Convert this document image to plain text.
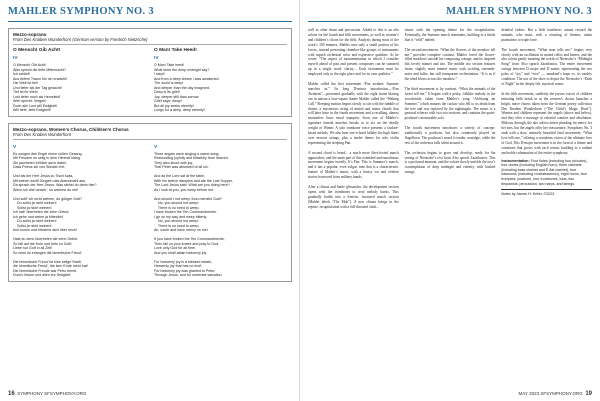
MAHLER SYMPHONY NO. 3
Mezzo-soprano
From Des Knaben Wunderhorn (German version by Friedrich Nietzsche)
O Mensch! Gib Acht!
IV
O Mensch! Gib Acht!
Was spricht die tiefe Mitternacht?
Ich schlief!
Aus tiefem Traum bin ich erwacht!
Die Welt ist tief!
Und tiefer als der Tag gedacht!
Tief ist ihr Weh!
Lust tiefer noch als Herzeleid!
Weh spricht: Vergeh!
Doch alle Lust will Ewigkeit!
Will tiefe, tiefe Ewigkeit!
O Man! Take Heed!
IV
O Man! Take heed!
What does the deep midnight say?
I slept!
And from a deep dream I was awakened.
The world is deep!
And deeper than the day imagined.
Deep is its grief!
Joy, deeper still than sorrow.
Grief says: Away!
But all joy seeks eternity!
Longs for a deep, deep eternity!
Mezzo-soprano, Women’s Chorus, Children’s Chorus
From Des Knaben Wunderhorn
V
Es sungen drei Engel einen süßen Gesang;
Mit Freuden es selig in dem Himmel klang.
Sie jauchzten fröhlich auch dabei,
Dass Petrus sei von Sünden frei.

Und als der Herr Jesus zu Tisch sass,
Mit seinen zwölf Jüngern das Abendmahl ass,
Da sprach der Herr Jesus: Was stehst du denn hier?
Wenn ich dich anseh’, so weinest du mir!

Und sollt’ ich nicht weinen, du gütiger Gott?
Du sollst ja nicht weinen!
Sollst ja nicht weinen!
Ich hab’ übertreten die zehn Gebot;
Ich gehe und weine ja bitterlich!
Du sollst ja nicht weinen!
Sollst ja nicht weinen!
Ach komm und erbarme dich über mich!

Hast du denn übertreten die zehn Gebot,
So fall auf die Knie und bete zu Gott!
Liebe nur Gott in all Zeit!
So wirst du erlangen die himmlische Freud’.

Die himmlische Freud’ ist eine selige Stadt,
die himmlische Freud’, die kein Ende mehr hat!
Die himmlische Freude war Petro bereit,
Durch Jesum und allen zur Seligkeit.
V
Three angels were singing a sweet song;
Resounding joyfully and blissfully from heaven.
They also shout with joy,
That Peter was absolved of all sin.

And as the Lord sat at the table,
With his twelve disciples and ate the Last Supper,
The Lord Jesus said: What are you doing here?
As I look at you, you weep before me.

And should I not weep, thou merciful God?
No, you should not weep!
There is no need to weep.
I have broken the Ten Commandments.
I go on my way and weep bitterly.
No, you should not weep!
There is no need to weep.
Ah, come and have mercy on me!

If you have broken the Ten Commandments,
Then fall on your knees and pray to God.
Love only God for all time,
And you shall attain heavenly joy.

For heavenly joy is a blessed estate,
Heavenly joy that has no end!
For heavenly joy was granted to Peter,
Through Jesus, and for universal salvation.
16 SYMPHONY SFSYMPHONY.ORG
MAHLER SYMPHONY NO. 3
well as other drum and percussion. Added to this is an alto soloist for the fourth and fifth movements, as well as women’s and children’s choirs for the fifth. Analysis during most of the work’s 100 minutes, Mahler uses only a small portion of his forces, instead presenting chamber-like groups of instruments with superb orchestral color and expressive qualities. As he wrote: “The aspect of instrumentation in which I consider myself ahead of past and present composers can be summed up in a single word: clarity.... Each instrument must be employed only in the right place and for its own qualities.”

Mahler called the first movement “Pan awakes: Summer marches in.” Its long D-minor introduction—“Pan Awakens”—presented gradually with the eight horns blaring out in unison a four-square theme Mahler called the “Waking Call.” Sleeping motion begins slowly to stir with the rumble of drums, a mysterious string of muted and minor chords that will later have in the fourth movement and a recalling, almost motionless brass naval trumpets. Soon one of Mahler’s signature funeral marches breaks in to act on the deadly weight of Winter. A solo trombone voice presents a fanfare-based melody. We also hear one echoed lullaby-fin-high flutes over morose strings, plus a tender theme for solo violin representing the sleeping Pan.

A second chord is heard... a much more fleet-footed march approaches; and the main part of this extended and tumultuous movement begins sweetly. It’s Pan. This is Summer’s march, and it has a popular, even vulgar, tone that is a characteristic feature of Mahler’s music, with a brassy wit and evident stories borrowed from military bands.

After a climax and battle glissandos, the development section opens with the trombones to rival melody bursts. This gradually builds into a frenetic, fractured march section (Mahler labels “The Mob”). A new climax brings in the reprise, recapitulation with a full-throated clash...
return with the opening theme for the recapitulation. Eventually, the Summer march dominates, building to a finish that is “wild” indeed.

The second movement, “What the flowers of the meadow tell me,” provides complete contrast. Mahler loved the flower-filled meadows outside his composing cottage, and its inspired this lovely minuet and trio. The middle trio section features faster, slightly more intense music with swirling sixteenth-notes and fuller, but still transparent orchestration. “It is as if the wind blows across the meadow.”

The third movement is, by contrast, “What the animals of the forest tell me.” It begins with a perky, folklike melody in the woodwinds, taken from Mahler’s song “Ablösung im Sommer,” which mourns the cuckoo who fell to its death from the tree and was replaced by the nightingale. The music is a pastoral scherzo with two trio sections, and contains the quasi-posthorn’s memorable solo.

The fourth movement introduces a variety of concept: traditionally a posthorn, but also commonly played on flugelhorn. The posthorn’s mood is tender, nostalgic, while the rest of the orchestra falls silent around it.

The orchestra begins to grow and develop, ready for the setting of Nietzsche’s text from Also sprach Zarathustra. This is a profound moment, and the soloist slowly unfolds the text’s contemplation of deep midnight and eternity, with hushed strings.
detailed violins. But a little loneliness cannot reward the animals, who must, with a restating of themes, attain pianissimo to triple forte.

The fourth movement, “What man tells me,” begins very slowly with an oscillation in muted cellos and basses, and the alto soloist gently intoning the words of Nietzsche’s “Midnight Song” from Also sprach Zarathustra. The entire movement swings between D major and D minor, representing the two poles of “joy” and “woe” — mankind’s hope vs. its earthly condition. The use of the oboe to depict the Nietzsche’s “Dark of Night” in the deeply felt, mystical music.

In the fifth movement, suddenly the joyous voices of children imitating bells break in as the women’s chorus launches a bright, naive chorus taken from the German poetry collection Des Knaben Wunderhorn (“The Child’s Magic Horn”). Women and children represent the angels (above and below), and they offer a message of celestial comfort and absolution. Midway through, the alto soloist enters pleading for mercy for her sins, but the angels offer her reassurance. Symphony No. 3 ends with a slow, intensely beautiful final movement, “What love tells me,” offering a wondrous vision of the ultimate love of God. This D-major movement is in the form of a theme and variations that grows with each return, building to a radiant and noble culmination of the entire symphony.
Instrumentation: Four flutes (including four piccolos), four oboes (including English horn), three clarinets (including bass clarinet and E-flat clarinet), four bassoons (including contrabassoon), eight horns, four trumpets, posthorn, four trombones, tuba, two timpanists, percussion, two harps, and strings.
Notes by James H. Keller, ©2023
MAY 2023 SFSYMPHONY.ORG 19
